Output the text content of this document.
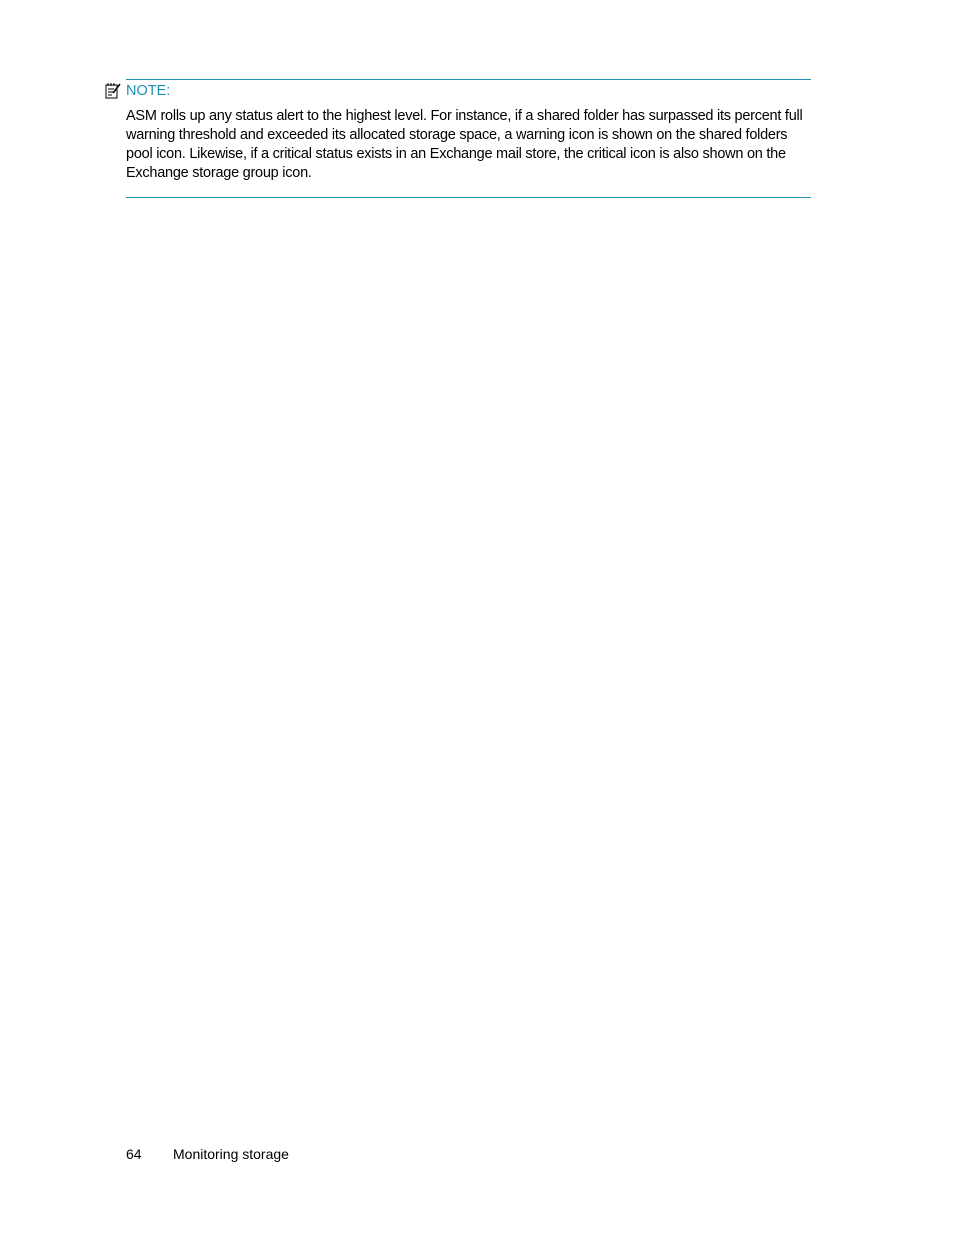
NOTE:
ASM rolls up any status alert to the highest level. For instance, if a shared folder has surpassed its percent full warning threshold and exceeded its allocated storage space, a warning icon is shown on the shared folders pool icon. Likewise, if a critical status exists in an Exchange mail store, the critical icon is also shown on the Exchange storage group icon.
64	Monitoring storage
